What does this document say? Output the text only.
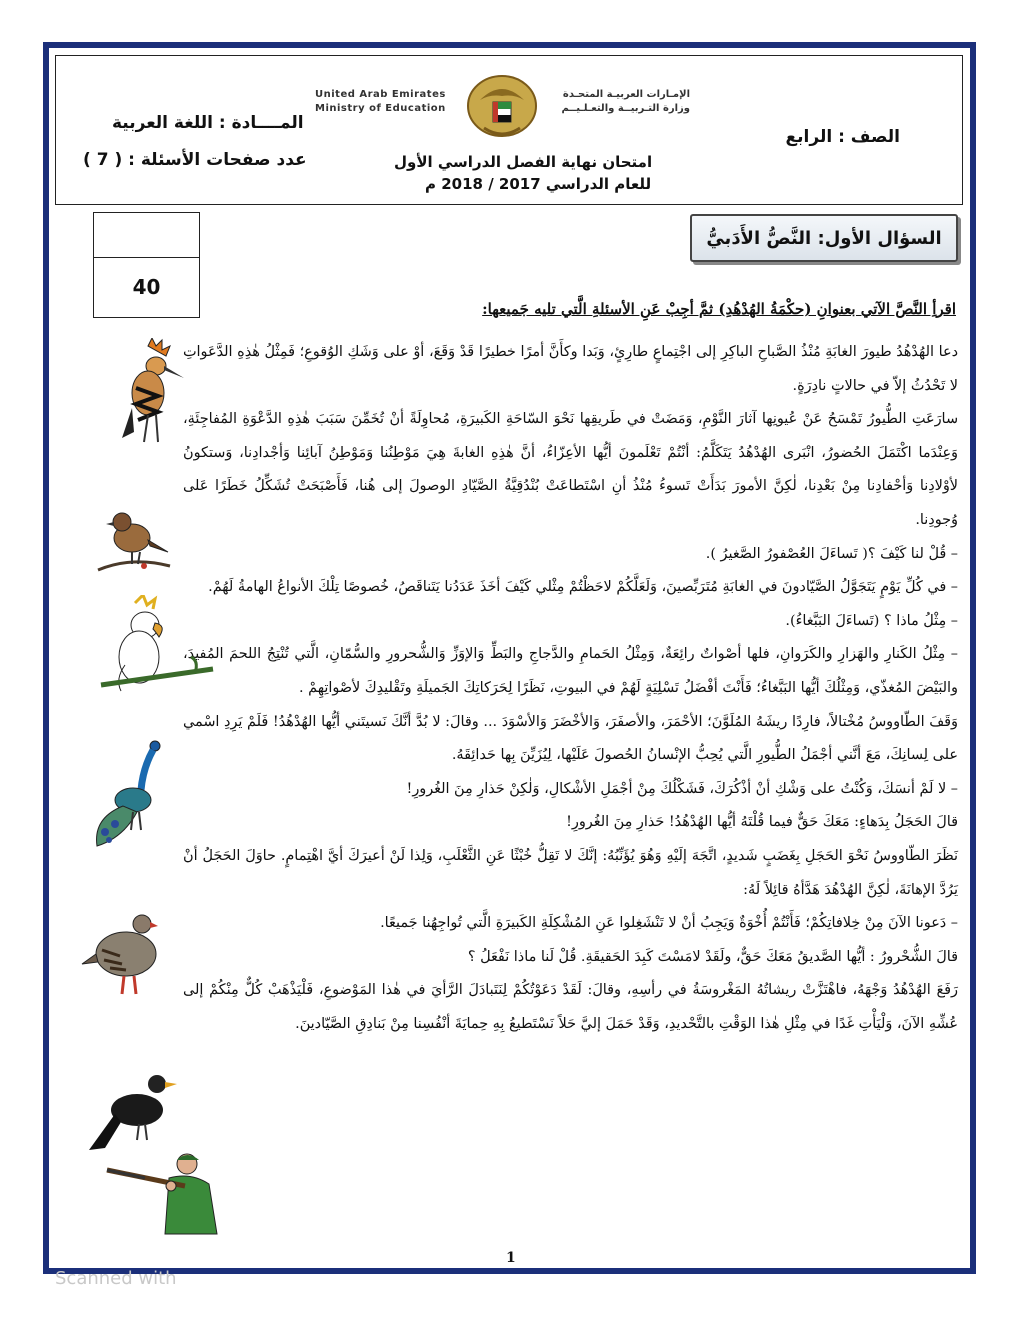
الصف : الرابع
الإمـارات العربيـة المتحـدة
وزارة التـربيــة والتعـلـيــم
United Arab Emirates
Ministry of Education
المــــادة : اللغة العربية
عدد صفحات الأسئلة : ( 7 )	امتحان نهاية الفصل الدراسي الأول
للعام الدراسي 2017 / 2018 م
40
السؤال الأول: النَّصُّ الأَدَبيُّ
اقرأِ النَّصَّ الآتي بعنوانِ (حكْمَةُ الهُدْهُدِ) ثمَّ أجِبْ عَنِ الأسئلةِ الَّتي تليه جَميعها:

دعا الهُدْهُدُ طيورَ الغابَةِ مُنْذُ الصَّباحِ الباكِرِ إلى اجْتِماعٍ طارِئٍ، وَبَدا وكأَنَّ أمرًا خطيرًا قَدْ وَقَعَ، أوْ على وَشَكِ الوُقوعِ؛ فَمِثْلُ هٰذِهِ الدَّعَواتِ لا تَحْدُثُ إلاّ في حالاتٍ نادِرَةٍ.

سارَعَتِ الطُّيورُ تَمْسَحُ عَنْ عُيونِها آثارَ النَّوْمِ، وَمَضَتْ في طَريقِها نَحْوَ السّاحَةِ الكَبيرَةِ، مُحاوِلَةً أنْ تُخَمِّنَ سَبَبَ هٰذِهِ الدَّعْوَةِ المُفاجِئَةِ، وَعِنْدَما اكْتَمَلَ الحُضورُ، انْبَرى الهُدْهُدُ يَتَكَلَّمُ: أنْتُمْ تَعْلَمونَ أيُّها الأعِزّاءُ، أنَّ هٰذِهِ الغابةَ هِيَ مَوْطِنُنا وَمَوْطِنُ آبائِنا وَأجْدادِنا، وَستكونُ لأوْلادِنا وَأحْفادِنا مِنْ بَعْدِنا، لٰكِنَّ الأمورَ بَدَأَتْ تَسوءُ مُنْذُ أنِ اسْتَطاعَتْ بُنْدُقِيَّةُ الصَّيّادِ الوصولَ إلى هُنا، فَأَصْبَحَتْ تُشَكِّلُ خَطَرًا عَلى وُجودِنا.

– قُلْ لنا كَيْفَ ؟( تَساءَلَ العُصْفورُ الصَّغيرُ ).

– في كُلِّ يَوْمٍ يَتَجَوَّلُ الصَّيّادونَ في الغابَةِ مُتَرَبِّصينَ، وَلَعَلَّكُمْ لاحَظْتُمْ مِثْلي كَيْفَ أخَذَ عَدَدُنا يَتَناقَصُ، خُصوصًا تِلْكَ الأنواعُ الهامةُ لَهُمْ.

– مِثْلُ ماذا ؟ (تَساءَلَ البَبَّغاءُ).

– مِثْلُ الكَنارِ والهَزارِ والكَرَوانِ، فلها أصْواتٌ رائِعَةٌ، وَمِثْلُ الحَمامِ والدَّجاجِ والبَطِّ وَالإوَزِّ وَالشُّحرورِ والسُّمّانِ، الَّتي تُنْتِجُ اللحمَ المُفيدَ، والبَيْضَ المُغذّي، وَمِثْلُكَ أيُّها البَبَّغاءُ؛ فَأَنْتَ أفْضَلُ تَسْلِيَةٍ لَهُمْ في البيوتِ، نَظَرًا لِحَرَكاتِكَ الجَميلَةِ وتَقْليدِكَ لأصْواتِهِمْ .

وَقَفَ الطّاووسُ مُخْتالاً، فارِدًا ريشَهُ المُلَوَّنَ؛ الأحْمَرَ، والأصفَرَ، وَالأخْضَرَ وَالأسْوَدَ ... وقالَ: لا بُدَّ أنَّكَ نَسيتَني أيُّها الهُدْهُدُ! فَلَمْ يَرِدِ اسْمي على لِسانِكَ، مَعَ أنَّني أجْمَلُ الطُّيورِ الَّتي يُحِبُّ الإنْسانُ الحُصولَ عَلَيْها، لِيُزَيِّنَ بِها حَدائِقَهُ.

– لا لَمْ أنسَكَ، وَكُنْتُ على وَشْكِ أنْ أذْكُرَكَ، فَشَكْلُكَ مِنْ أجْمَلِ الأشْكالِ، وَلٰكِنْ حَذارِ مِنَ الغُرورِ!

قالَ الحَجَلُ بِدَهاءٍ: مَعَكَ حَقٌّ فيما قُلْتَهُ أيُّها الهُدْهُدُ! حَذارِ مِنَ الغُرورِ!

نَظَرَ الطّاووسُ نَحْوَ الحَجَلِ بِغَضَبٍ شَديدٍ، اتَّجَهَ إلَيْهِ وَهُوَ يُؤَنِّبُهُ: إنَّكَ لا تَقِلُّ خُبْثًا عَنِ الثَّعْلَبِ، وَلِذا لَنْ أعيرَكَ أيَّ اهْتِمامٍ. حاوَلَ الحَجَلُ أنْ يَرُدَّ الإهانَةَ، لٰكِنَّ الهُدْهُدَ هَدَّأهُ قائِلاً لَهُ:

– دَعونا الآنَ مِنْ خِلافاتِكُمْ؛ فَأَنْتُمْ أُخْوَةٌ وَيَجِبُ أنْ لا تَنْشَغِلوا عَنِ المُشْكِلَةِ الكَبيرَةِ الَّتي تُواجِهُنا جَميعًا.

قالَ الشُّحْرورُ : أيُّها الصَّديقُ مَعَكَ حَقٌّ، ولَقَدْ لامَسْتَ كَبِدَ الحَقيقَةِ. قُلْ لَنا ماذا نَفْعَلُ ؟

رَفَعَ الهُدْهُدُ وَجْهَهُ، فاهْتَزَّتْ ريشاتُهُ المَغْروسَةُ في رأسِهِ، وقالَ: لَقَدْ دَعَوْتُكُمْ لِنَتَبادَلَ الرَّأيَ في هٰذا المَوْضوعِ، فَلْيَذْهَبْ كُلٌّ مِنْكُمْ إلى عُشِّهِ الآنَ، وَلْيَأْتِ غَدًا في مِثْلِ هٰذا الوَقْتِ بالتَّحْديدِ، وَقَدْ حَمَلَ إليَّ حَلاً نَسْتَطيعُ بِهِ حِمايَةَ أنْفُسِنا مِنْ بَنادِقِ الصَّيّادينَ.

1
Scanned with
